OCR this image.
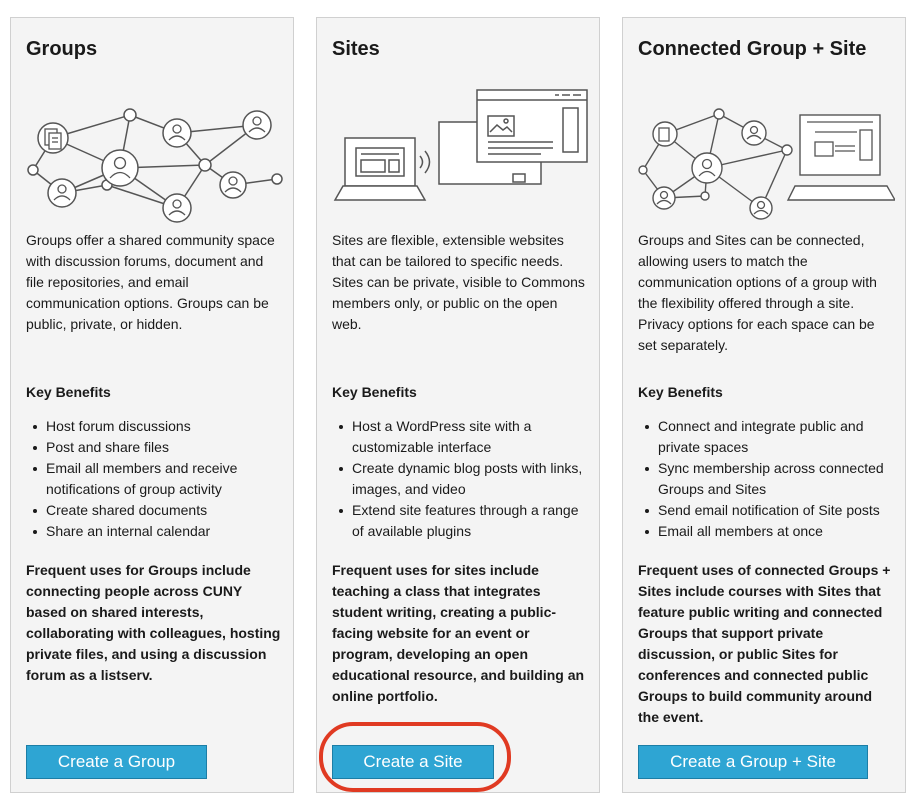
Groups

Groups offer a shared community space with discussion forums, document and file repositories, and email communication options. Groups can be public, private, or hidden.

Key Benefits
Host forum discussions
Post and share files
Email all members and receive notifications of group activity
Create shared documents
Share an internal calendar

Frequent uses for Groups include connecting people across CUNY based on shared interests, collaborating with colleagues, hosting private files, and using a discussion forum as a listserv.

Create a Group
Sites

Sites are flexible, extensible websites that can be tailored to specific needs. Sites can be private, visible to Commons members only, or public on the open web.

Key Benefits
Host a WordPress site with a customizable interface
Create dynamic blog posts with links, images, and video
Extend site features through a range of available plugins

Frequent uses for sites include teaching a class that integrates student writing, creating a public-facing website for an event or program, developing an open educational resource, and building an online portfolio.

Create a Site
Connected Group + Site

Groups and Sites can be connected, allowing users to match the communication options of a group with the flexibility offered through a site. Privacy options for each space can be set separately.

Key Benefits
Connect and integrate public and private spaces
Sync membership across connected Groups and Sites
Send email notification of Site posts
Email all members at once

Frequent uses of connected Groups + Sites include courses with Sites that feature public writing and connected Groups that support private discussion, or public Sites for conferences and connected public Groups to build community around the event.

Create a Group + Site
